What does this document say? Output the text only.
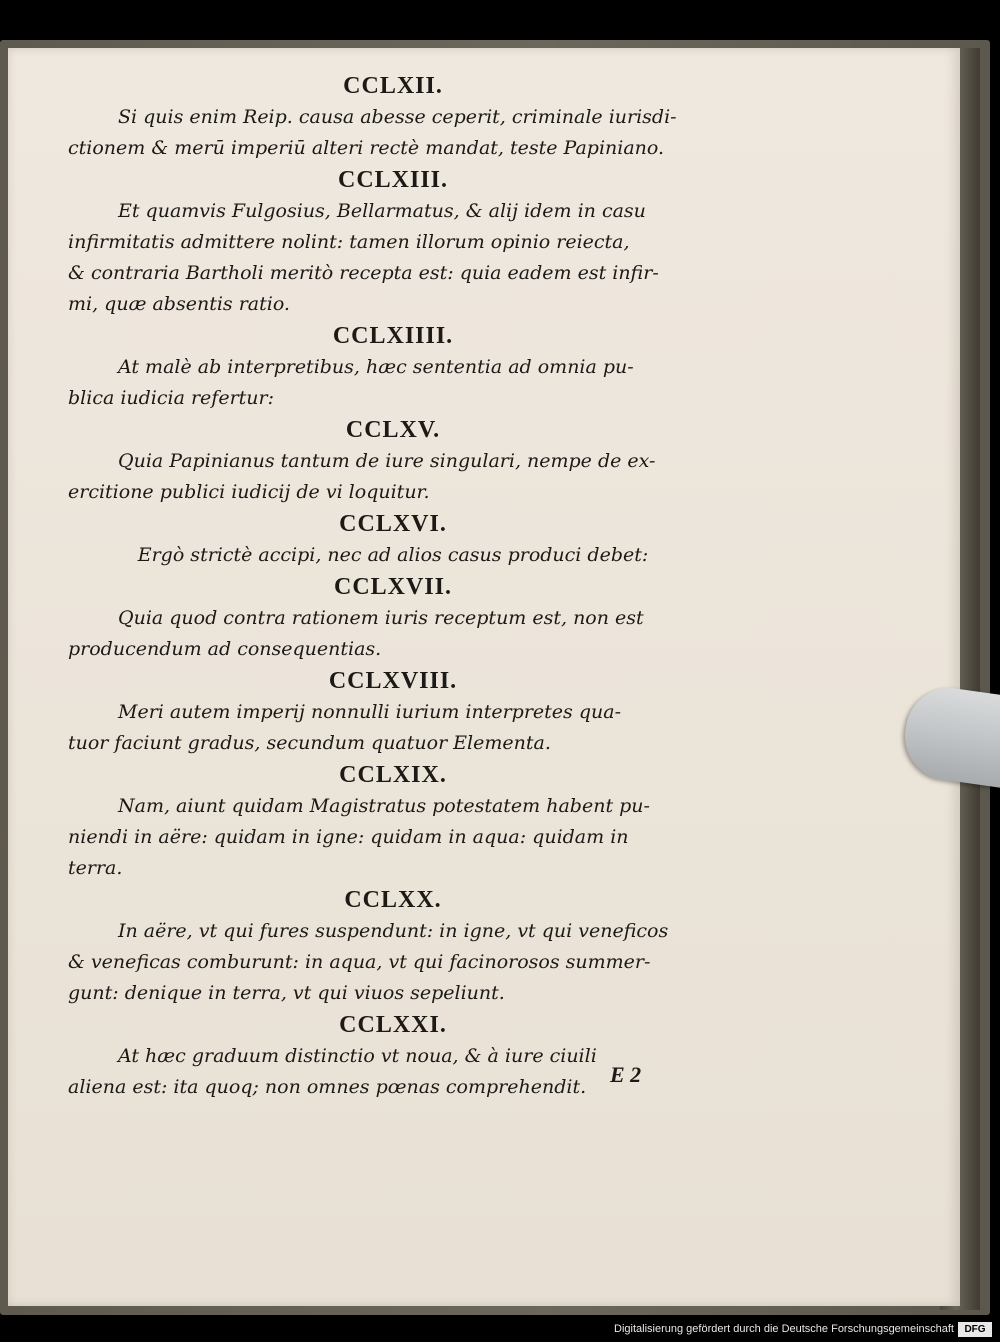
CCLXII.
Si quis enim Reip. causa abesse ceperit, criminale iurisdi-
ctionem & merū imperiū alteri rectè mandat, teste Papiniano.
CCLXIII.
Et quamvis Fulgosius, Bellarmatus, & alij idem in casu
infirmitatis admittere nolint: tamen illorum opinio reiecta,
& contraria Bartholi meritò recepta est: quia eadem est infir-
mi, quæ absentis ratio.
CCLXIIII.
At malè ab interpretibus, hæc sententia ad omnia pu-
blica iudicia refertur:
CCLXV.
Quia Papinianus tantum de iure singulari, nempe de ex-
ercitione publici iudicij de vi loquitur.
CCLXVI.
Ergò strictè accipi, nec ad alios casus produci debet:
CCLXVII.
Quia quod contra rationem iuris receptum est, non est
producendum ad consequentias.
CCLXVIII.
Meri autem imperij nonnulli iurium interpretes qua-
tuor faciunt gradus, secundum quatuor Elementa.
CCLXIX.
Nam, aiunt quidam Magistratus potestatem habent pu-
niendi in aëre: quidam in igne: quidam in aqua: quidam in
terra.
CCLXX.
In aëre, vt qui fures suspendunt: in igne, vt qui veneficos
& veneficas comburunt: in aqua, vt qui facinorosos summer-
gunt: denique in terra, vt qui viuos sepeliunt.
CCLXXI.
At hæc graduum distinctio vt noua, & à iure ciuili
aliena est: ita quoq; non omnes pœnas comprehendit.	E 2
Digitalisierung gefördert durch die Deutsche Forschungsgemeinschaft	DFG
